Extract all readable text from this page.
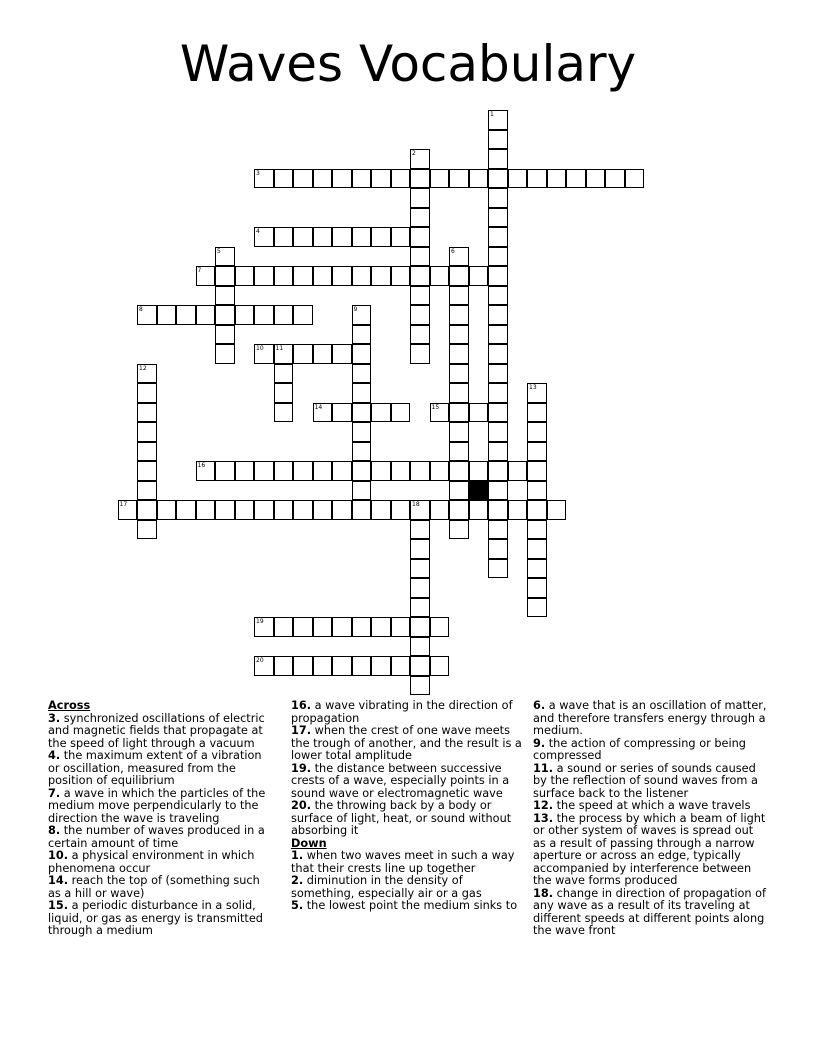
Waves Vocabulary
3
4
7
8
10 11
14	15
16
17	18
19
20
1
2
5	6
9
12
13
Across
3. synchronized oscillations of electric and magnetic fields that propagate at the speed of light through a vacuum
4. the maximum extent of a vibration or oscillation, measured from the position of equilibrium
7. a wave in which the particles of the medium move perpendicularly to the direction the wave is traveling
8. the number of waves produced in a certain amount of time
10. a physical environment in which phenomena occur
14. reach the top of (something such as a hill or wave)
15. a periodic disturbance in a solid, liquid, or gas as energy is transmitted through a medium
16. a wave vibrating in the direction of propagation
17. when the crest of one wave meets the trough of another, and the result is a lower total amplitude
19. the distance between successive crests of a wave, especially points in a sound wave or electromagnetic wave
20. the throwing back by a body or surface of light, heat, or sound without absorbing it
Down
1. when two waves meet in such a way that their crests line up together
2. diminution in the density of something, especially air or a gas
5. the lowest point the medium sinks to
6. a wave that is an oscillation of matter, and therefore transfers energy through a medium.
9. the action of compressing or being compressed
11. a sound or series of sounds caused by the reflection of sound waves from a surface back to the listener
12. the speed at which a wave travels
13. the process by which a beam of light or other system of waves is spread out as a result of passing through a narrow aperture or across an edge, typically accompanied by interference between the wave forms produced
18. change in direction of propagation of any wave as a result of its traveling at different speeds at different points along the wave front
